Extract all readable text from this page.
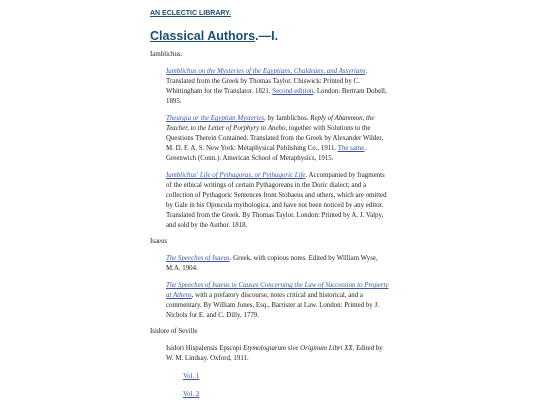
AN ECLECTIC LIBRARY.
Classical Authors.—I.
Iamblichus.
Iamblichus on the Mysteries of the Egyptians, Chaldeans, and Assyrians. Translated from the Greek by Thomas Taylor. Chiswick: Printed by C. Whittingham for the Translator. 1821. Second edition. London: Bertram Dobell, 1895.
Theurgia or the Egyptian Mysteries, by Iamblichos. Reply of Abammon, the Teacher, to the Letter of Porphyry to Anebo, together with Solutions to the Questions Therein Contained. Translated from the Greek by Alexander Wilder, M. D. F. A. S. New York: Metaphysical Publishing Co., 1911. The same. Greenwich (Conn.): American School of Metaphysics, 1915.
Iamblichus' Life of Pythagoras, or Pythagoric Life. Accompanied by fragments of the ethical writings of certain Pythagoreans in the Doric dialect; and a collection of Pythagoric Sentences from Stobaeus and others, which are omitted by Gale in his Opuscula mythologica, and have not been noticed by any editor. Translated from the Greek. By Thomas Taylor. London: Printed by A. J. Valpy, and sold by the Author. 1818.
Isaeus
The Speeches of Isaeus. Greek, with copious notes. Edited by William Wyse, M.A. 1904.
The Speeches of Isaeus in Causes Concerning the Law of Succession to Property at Athens, with a prefatory discourse, notes critical and historical, and a commentary. By William Jones, Esq., Barrister at Law. London: Printed by J. Nichols for E. and C. Dilly, 1779.
Isidore of Seville
Isidori Hispalensis Epscopi Etymologiarum sive Originum Libri XX. Edited by W. M. Lindsay. Oxford, 1911.
Vol. 1
Vol. 2
